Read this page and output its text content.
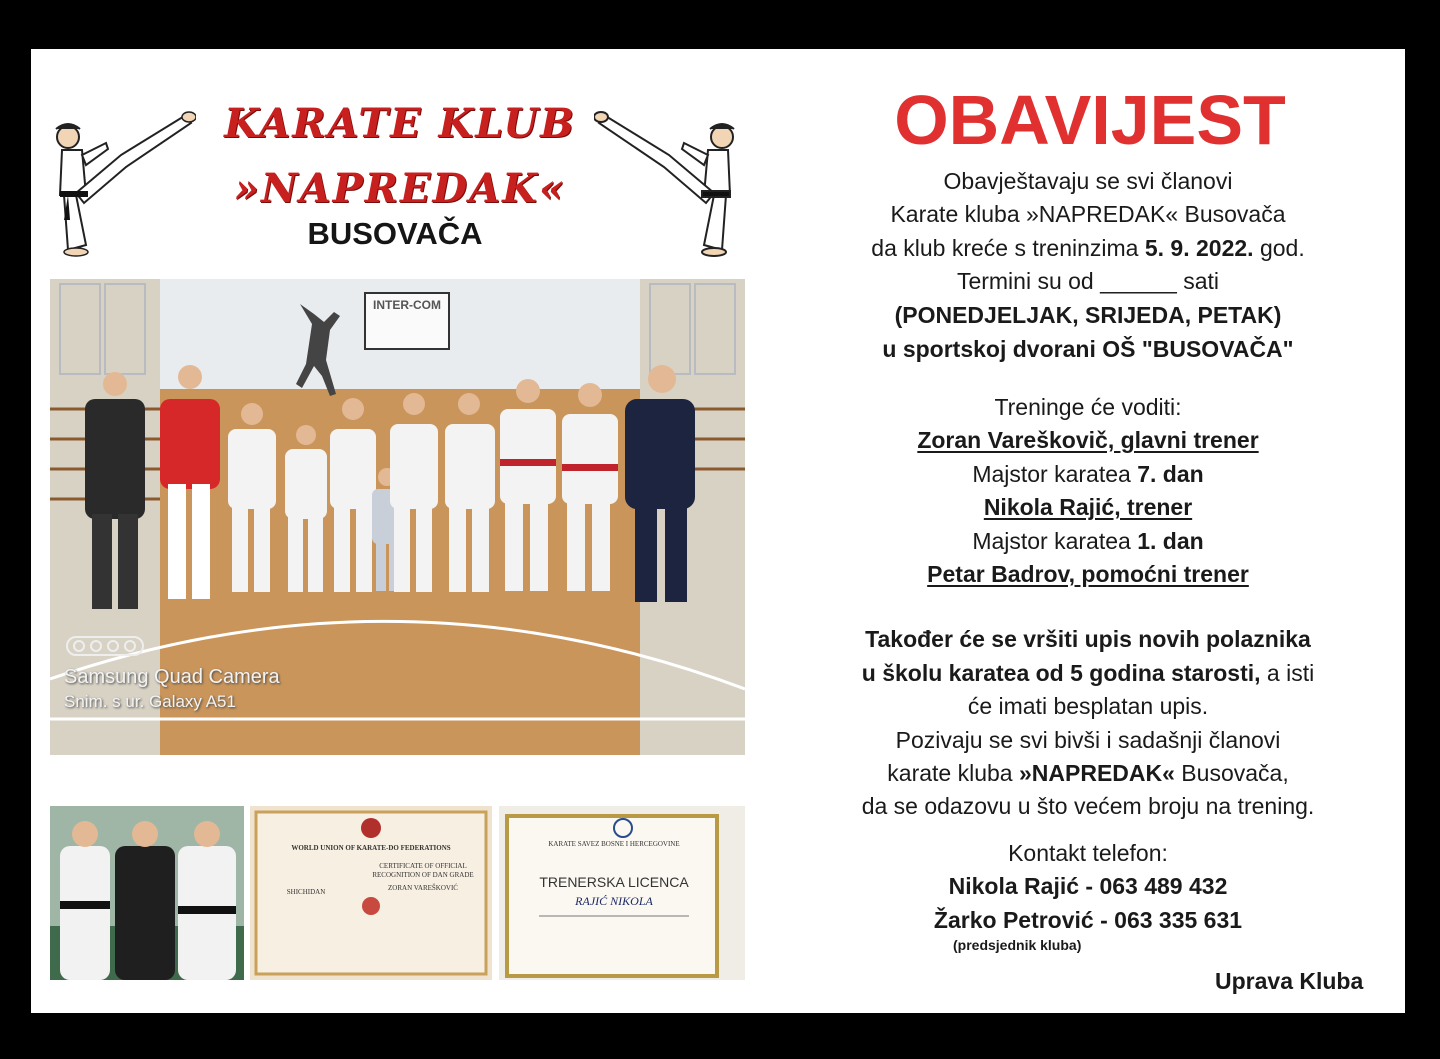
KARATE KLUB
»NAPREDAK«
BUSOVAČA
INTER-COM
Samsung Quad Camera
Snim. s ur. Galaxy A51
WORLD UNION OF KARATE-DO FEDERATIONS
CERTIFICATE OF OFFICIAL
RECOGNITION OF DAN GRADE
SHICHIDAN	ZORAN VAREŠKOVIĆ
KARATE SAVEZ BOSNE I HERCEGOVINE
TRENERSKA LICENCA
RAJIĆ NIKOLA
OBAVIJEST
Obavještavaju se svi članovi
Karate kluba »NAPREDAK« Busovača
da klub kreće s treninzima 5. 9. 2022. god.
Termini su od ______ sati
(PONEDJELJAK, SRIJEDA, PETAK)
u sportskoj dvorani OŠ "BUSOVAČA"
Treninge će voditi:
Zoran Vareškovič, glavni trener
Majstor karatea 7. dan
Nikola Rajić, trener
Majstor karatea 1. dan
Petar Badrov, pomoćni trener
Također će se vršiti upis novih polaznika
u školu karatea od 5 godina starosti, a isti
će imati besplatan upis.
Pozivaju se svi bivši i sadašnji članovi
karate kluba »NAPREDAK« Busovača,
da se odazovu u što većem broju na trening.
Kontakt telefon:
Nikola Rajić - 063 489 432
Žarko Petrović - 063 335 631
(predsjednik kluba)
Uprava Kluba
